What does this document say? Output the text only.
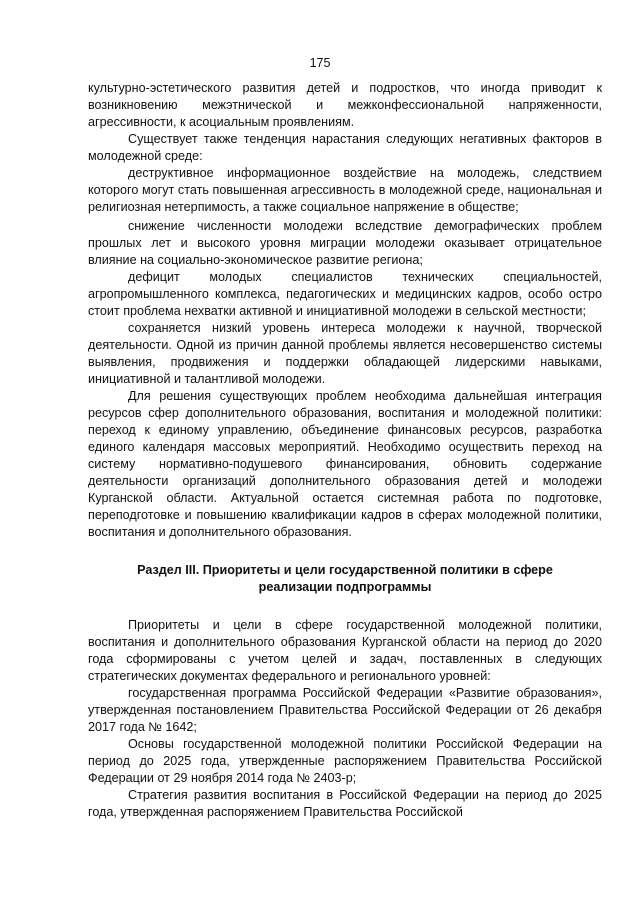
175

культурно-эстетического развития детей и подростков, что иногда приводит к возникновению межэтнической и межконфессиональной напряженности, агрессивности, к асоциальным проявлениям.

Существует также тенденция нарастания следующих негативных факторов в молодежной среде:

деструктивное информационное воздействие на молодежь, следствием которого могут стать повышенная агрессивность в молодежной среде, национальная и религиозная нетерпимость, а также социальное напряжение в обществе;

снижение численности молодежи вследствие демографических проблем прошлых лет и высокого уровня миграции молодежи оказывает отрицательное влияние на социально-экономическое развитие региона;

дефицит молодых специалистов технических специальностей, агропромышленного комплекса, педагогических и медицинских кадров, особо остро стоит проблема нехватки активной и инициативной молодежи в сельской местности;

сохраняется низкий уровень интереса молодежи к научной, творческой деятельности. Одной из причин данной проблемы является несовершенство системы выявления, продвижения и поддержки обладающей лидерскими навыками, инициативной и талантливой молодежи.

Для решения существующих проблем необходима дальнейшая интеграция ресурсов сфер дополнительного образования, воспитания и молодежной политики: переход к единому управлению, объединение финансовых ресурсов, разработка единого календаря массовых мероприятий. Необходимо осуществить переход на систему нормативно-подушевого финансирования, обновить содержание деятельности организаций дополнительного образования детей и молодежи Курганской области. Актуальной остается системная работа по подготовке, переподготовке и повышению квалификации кадров в сферах молодежной политики, воспитания и дополнительного образования.

Раздел III. Приоритеты и цели государственной политики в сфере
реализации подпрограммы

Приоритеты и цели в сфере государственной молодежной политики, воспитания и дополнительного образования Курганской области на период до 2020 года сформированы с учетом целей и задач, поставленных в следующих стратегических документах федерального и регионального уровней:

государственная программа Российской Федерации «Развитие образования», утвержденная постановлением Правительства Российской Федерации от 26 декабря 2017 года № 1642;

Основы государственной молодежной политики Российской Федерации на период до 2025 года, утвержденные распоряжением Правительства Российской Федерации от 29 ноября 2014 года № 2403-р;

Стратегия развития воспитания в Российской Федерации на период до 2025 года, утвержденная распоряжением Правительства Российской
